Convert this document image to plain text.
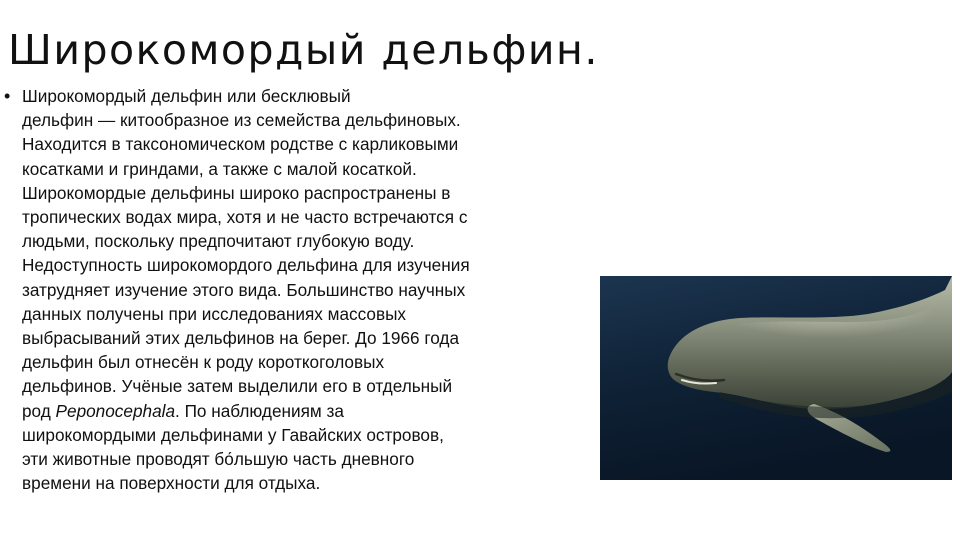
Широкомордый дельфин.
• Широкомордый дельфин или бесклювый
дельфин — китообразное из семейства дельфиновых.
Находится в таксономическом родстве с карликовыми
косатками и гриндами, а также с малой косаткой.
Широкомордые дельфины широко распространены в
тропических водах мира, хотя и не часто встречаются с
людьми, поскольку предпочитают глубокую воду.
Недоступность широкомордого дельфина для изучения
затрудняет изучение этого вида. Большинство научных
данных получены при исследованиях массовых
выбрасываний этих дельфинов на берег. До 1966 года
дельфин был отнесён к роду короткоголовых
дельфинов. Учёные затем выделили его в отдельный
род Peponocephala. По наблюдениям за
широкомордыми дельфинами у Гавайских островов,
эти животные проводят бо́льшую часть дневного
времени на поверхности для отдыха.
